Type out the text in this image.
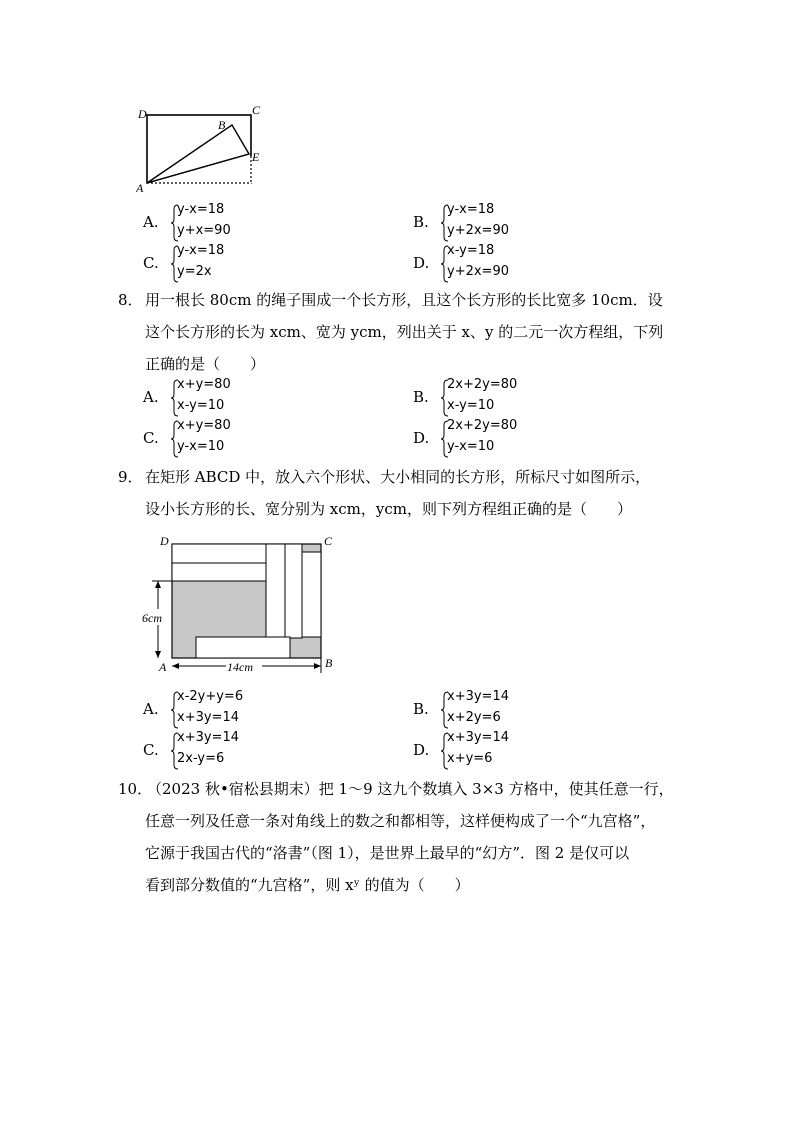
D	C
B
E
A
A.
y-x=18
y+x=90	B.
y-x=18
y+2x=90
C.
y-x=18
y=2x	D.
x-y=18
y+2x=90
8． 用一根长 80cm 的绳子围成一个长方形，且这个长方形的长比宽多 10cm．设
这个长方形的长为 xcm、宽为 ycm，列出关于 x、y 的二元一次方程组，下列
正确的是（　　）
A.
x+y=80
x-y=10	B.
2x+2y=80
x-y=10
C.
x+y=80
y-x=10	D.
2x+2y=80
y-x=10
9． 在矩形 ABCD 中，放入六个形状、大小相同的长方形，所标尺寸如图所示，
设小长方形的长、宽分别为 xcm，ycm，则下列方程组正确的是（　　）
6cm
14cm
D	C
A	B
A.
x-2y+y=6
x+3y=14	B.
x+3y=14
x+2y=6
C.
x+3y=14
2x-y=6	D.
x+3y=14
x+y=6
10．
（2023 秋•宿松县期末）把 1～9 这九个数填入 3×3 方格中，使其任意一行，
任意一列及任意一条对角线上的数之和都相等，这样便构成了一个“九宫格”，
它源于我国古代的“洛書”（图 1），是世界上最早的“幻方”．图 2 是仅可以
看到部分数值的“九宫格”，则 xʸ 的值为（　　）
